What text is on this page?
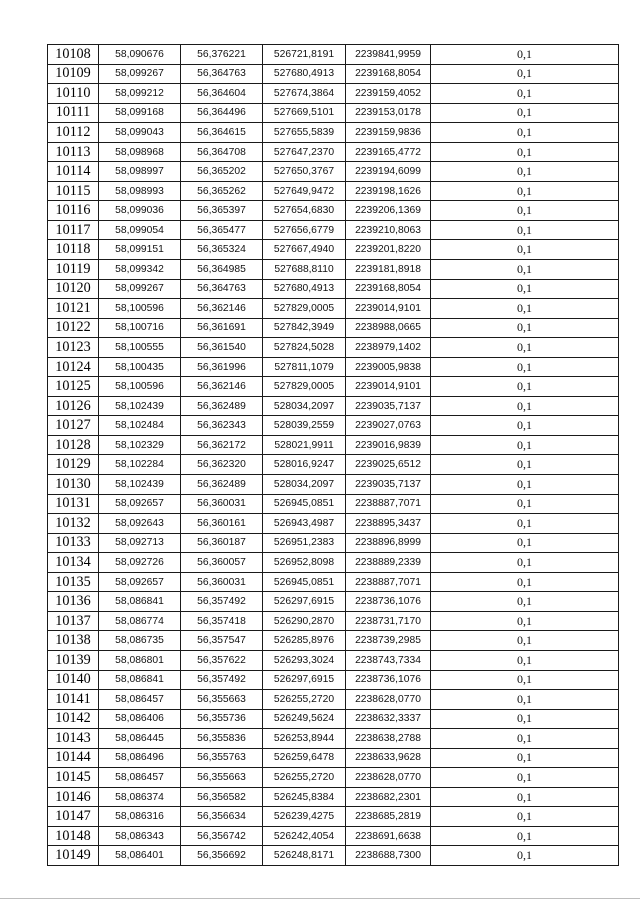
10108	58,090676	56,376221	526721,8191	2239841,9959	0,1
10109	58,099267	56,364763	527680,4913	2239168,8054	0,1
10110	58,099212	56,364604	527674,3864	2239159,4052	0,1
10111	58,099168	56,364496	527669,5101	2239153,0178	0,1
10112	58,099043	56,364615	527655,5839	2239159,9836	0,1
10113	58,098968	56,364708	527647,2370	2239165,4772	0,1
10114	58,098997	56,365202	527650,3767	2239194,6099	0,1
10115	58,098993	56,365262	527649,9472	2239198,1626	0,1
10116	58,099036	56,365397	527654,6830	2239206,1369	0,1
10117	58,099054	56,365477	527656,6779	2239210,8063	0,1
10118	58,099151	56,365324	527667,4940	2239201,8220	0,1
10119	58,099342	56,364985	527688,8110	2239181,8918	0,1
10120	58,099267	56,364763	527680,4913	2239168,8054	0,1
10121	58,100596	56,362146	527829,0005	2239014,9101	0,1
10122	58,100716	56,361691	527842,3949	2238988,0665	0,1
10123	58,100555	56,361540	527824,5028	2238979,1402	0,1
10124	58,100435	56,361996	527811,1079	2239005,9838	0,1
10125	58,100596	56,362146	527829,0005	2239014,9101	0,1
10126	58,102439	56,362489	528034,2097	2239035,7137	0,1
10127	58,102484	56,362343	528039,2559	2239027,0763	0,1
10128	58,102329	56,362172	528021,9911	2239016,9839	0,1
10129	58,102284	56,362320	528016,9247	2239025,6512	0,1
10130	58,102439	56,362489	528034,2097	2239035,7137	0,1
10131	58,092657	56,360031	526945,0851	2238887,7071	0,1
10132	58,092643	56,360161	526943,4987	2238895,3437	0,1
10133	58,092713	56,360187	526951,2383	2238896,8999	0,1
10134	58,092726	56,360057	526952,8098	2238889,2339	0,1
10135	58,092657	56,360031	526945,0851	2238887,7071	0,1
10136	58,086841	56,357492	526297,6915	2238736,1076	0,1
10137	58,086774	56,357418	526290,2870	2238731,7170	0,1
10138	58,086735	56,357547	526285,8976	2238739,2985	0,1
10139	58,086801	56,357622	526293,3024	2238743,7334	0,1
10140	58,086841	56,357492	526297,6915	2238736,1076	0,1
10141	58,086457	56,355663	526255,2720	2238628,0770	0,1
10142	58,086406	56,355736	526249,5624	2238632,3337	0,1
10143	58,086445	56,355836	526253,8944	2238638,2788	0,1
10144	58,086496	56,355763	526259,6478	2238633,9628	0,1
10145	58,086457	56,355663	526255,2720	2238628,0770	0,1
10146	58,086374	56,356582	526245,8384	2238682,2301	0,1
10147	58,086316	56,356634	526239,4275	2238685,2819	0,1
10148	58,086343	56,356742	526242,4054	2238691,6638	0,1
10149	58,086401	56,356692	526248,8171	2238688,7300	0,1
